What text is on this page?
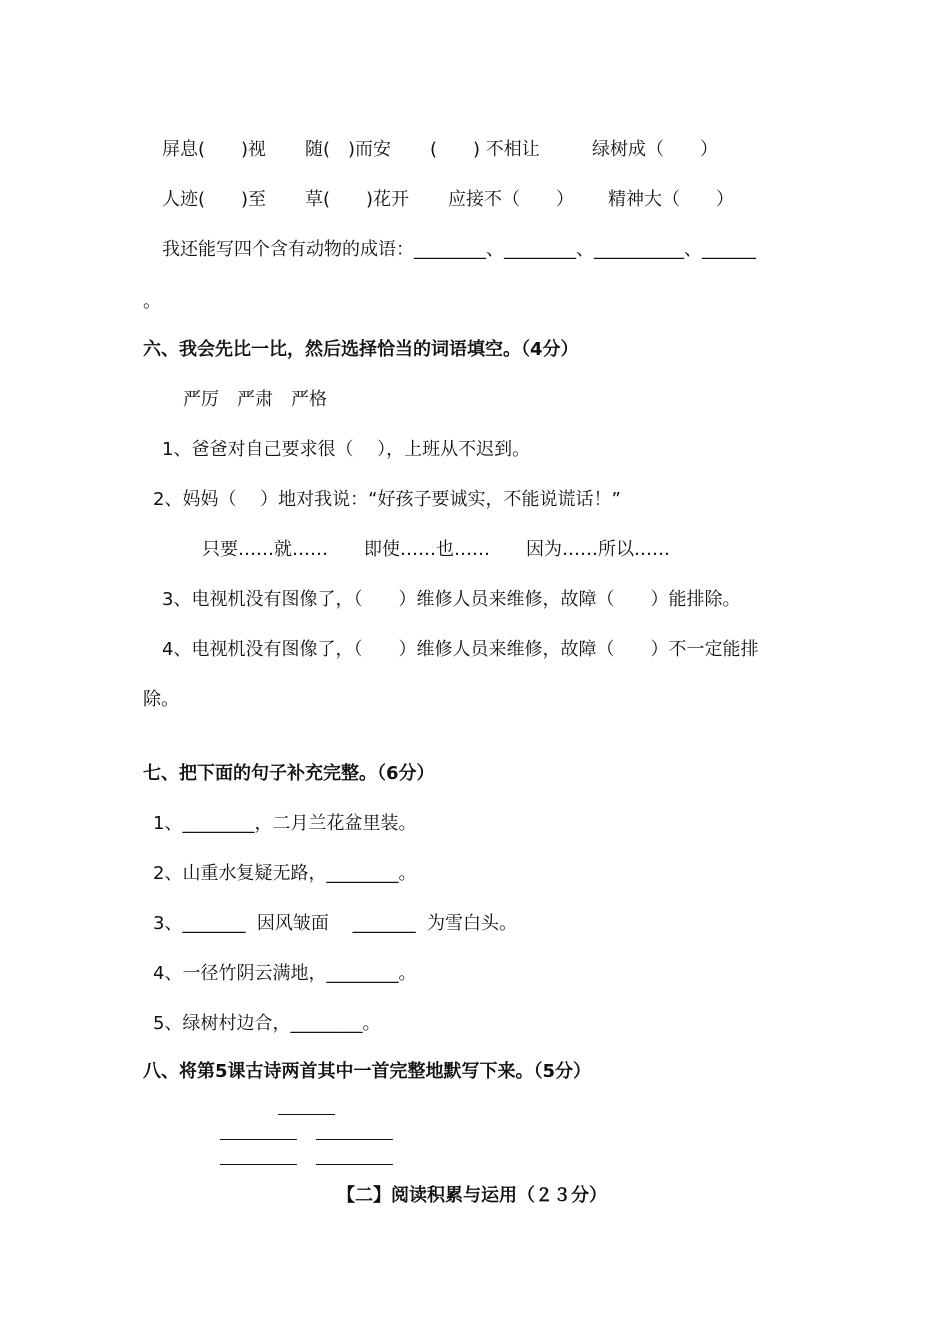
屏息(　　)视 随(　)而安 (　　) 不相让	绿树成（　　）
人迹(　　)至 草(　　)花开 应接不（　　） 精神大（　　）
我还能写四个含有动物的成语：________、________、__________、______
。
六、我会先比一比，然后选择恰当的词语填空。（4分）
严厉　严肃　严格
1、爸爸对自己要求很（　 ），上班从不迟到。
2、妈妈（　 ）地对我说：“好孩子要诚实，不能说谎话！”
只要……就……　　即使……也……　　因为……所以……
3、电视机没有图像了，（　　）维修人员来维修，故障（　　）能排除。
4、电视机没有图像了，（　　）维修人员来维修，故障（　　）不一定能排
除。
七、把下面的句子补充完整。（6分）
1、________，二月兰花盆里装。
2、山重水复疑无路，________。
3、_______  因风皱面　 _______  为雪白头。
4、一径竹阴云满地，________。
5、绿树村边合，________。
八、将第5课古诗两首其中一首完整地默写下来。（5分）
【二】阅读积累与运用（２３分）
